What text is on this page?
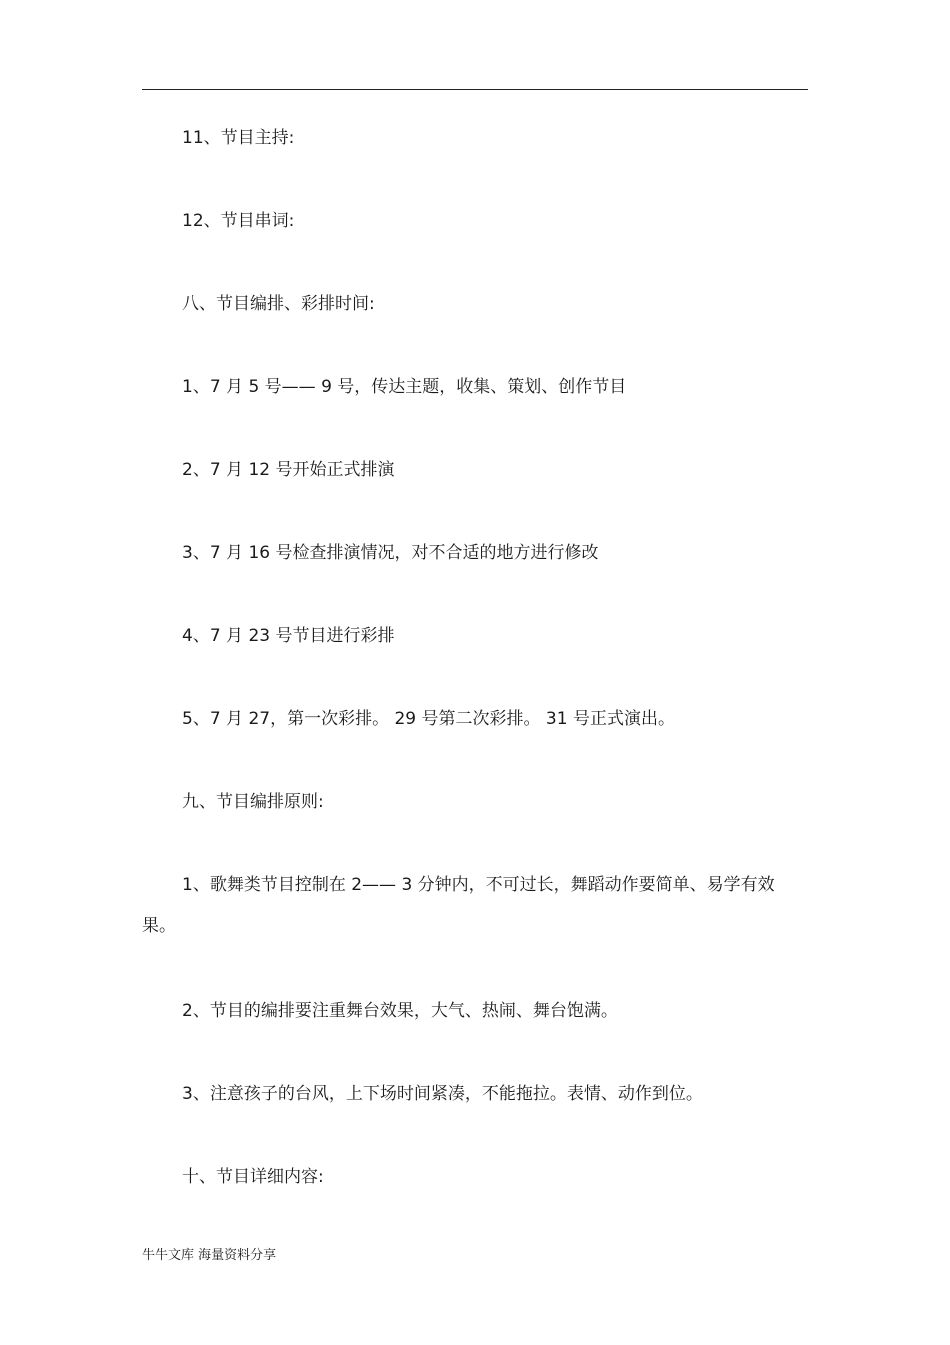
11、节目主持:

12、节目串词:

八、节目编排、彩排时间:

1、7 月 5 号—— 9 号，传达主题，收集、策划、创作节目

2、7 月 12 号开始正式排演

3、7 月 16 号检查排演情况，对不合适的地方进行修改

4、7 月 23 号节目进行彩排

5、7 月 27，第一次彩排。 29 号第二次彩排。 31 号正式演出。

九、节目编排原则:

1、歌舞类节目控制在 2—— 3 分钟内，不可过长，舞蹈动作要简单、易学有效果。

2、节目的编排要注重舞台效果，大气、热闹、舞台饱满。

3、注意孩子的台风，上下场时间紧凑，不能拖拉。表情、动作到位。

十、节目详细内容:

牛牛文库 海量资料分享
